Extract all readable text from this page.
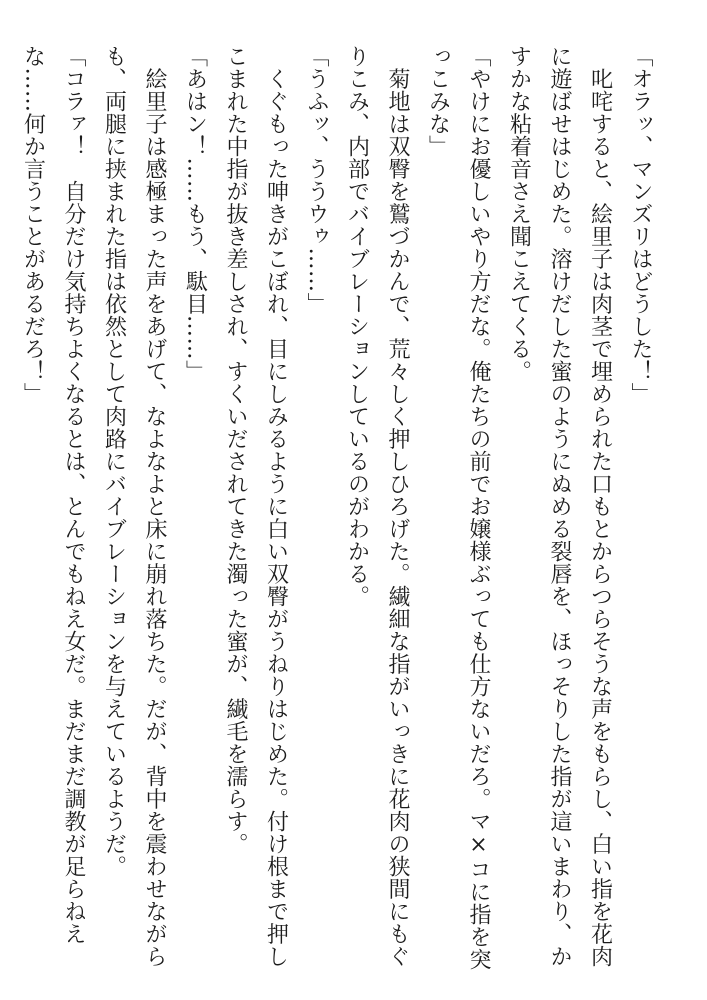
「オラッ、マンズリはどうした！」

　叱咤すると、絵里子は肉茎で埋められた口もとからつらそうな声をもらし、白い指を花肉に遊ばせはじめた。溶けだした蜜のようにぬめる裂唇を、ほっそりした指が這いまわり、かすかな粘着音さえ聞こえてくる。

「やけにお優しいやり方だな。俺たちの前でお嬢様ぶっても仕方ないだろ。マ×コに指を突っこみな」

　菊地は双臀を鷲づかんで、荒々しく押しひろげた。繊細な指がいっきに花肉の狭間にもぐりこみ、内部でバイブレーションしているのがわかる。

「うふッ、ううウゥ……」

　くぐもった呻きがこぼれ、目にしみるように白い双臀がうねりはじめた。付け根まで押しこまれた中指が抜き差しされ、すくいだされてきた濁った蜜が、繊毛を濡らす。

「あはン！……もう、駄目……」

　絵里子は感極まった声をあげて、なよなよと床に崩れ落ちた。だが、背中を震わせながらも、両腿に挟まれた指は依然として肉路にバイブレーションを与えているようだ。

「コラァ！　自分だけ気持ちよくなるとは、とんでもねえ女だ。まだまだ調教が足らねえな……何か言うことがあるだろ！」
